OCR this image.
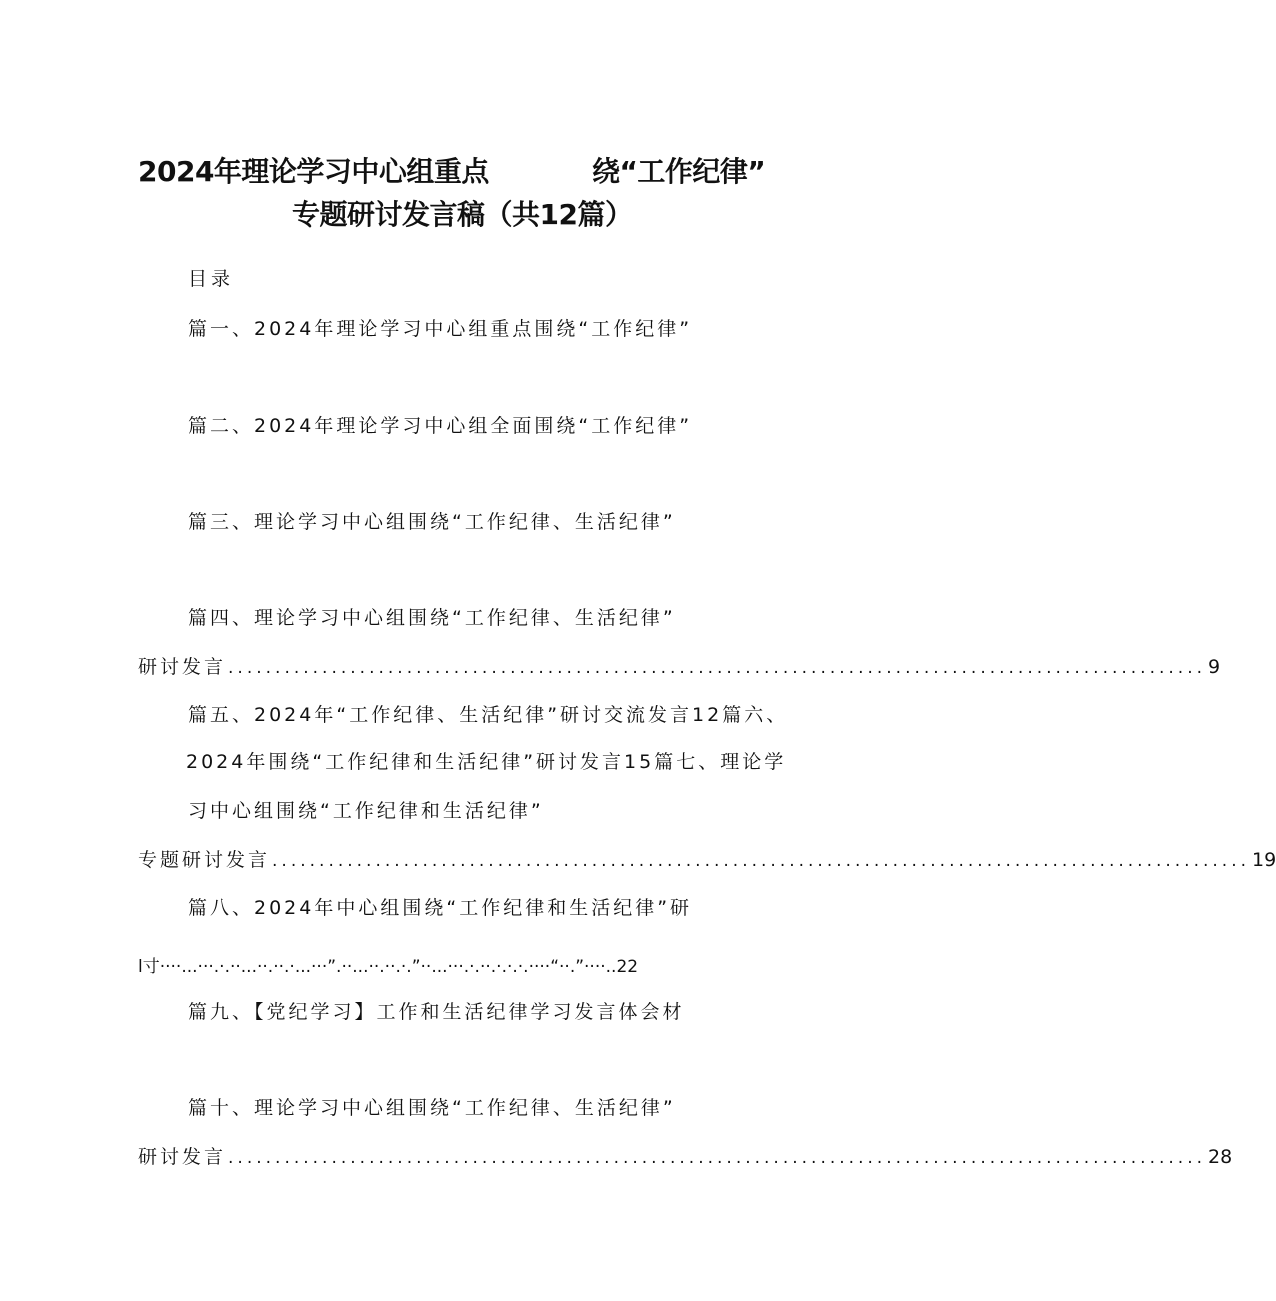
2024年理论学习中心组重点	绕“工作纪律”
专题研讨发言稿（共12篇）
目录
篇一、2024年理论学习中心组重点围绕“工作纪律”
篇二、2024年理论学习中心组全面围绕“工作纪律”
篇三、理论学习中心组围绕“工作纪律、生活纪律”
篇四、理论学习中心组围绕“工作纪律、生活纪律”
研讨发言 ........................................................................................................ 9
篇五、2024年“工作纪律、生活纪律”研讨交流发言12篇六、
2024年围绕“工作纪律和生活纪律”研讨发言15篇七、理论学
习中心组围绕“工作纪律和生活纪律”
专题研讨发言 ........................................................................................................ 19
篇八、2024年中心组围绕“工作纪律和生活纪律”研
l寸····...···.·.··...··.··.·...···”.··...··.··.·.”··...···.·.··.·.·.·.····“··.”····..22
篇九、【党纪学习】工作和生活纪律学习发言体会材
篇十、理论学习中心组围绕“工作纪律、生活纪律”
研讨发言 ........................................................................................................ 28
